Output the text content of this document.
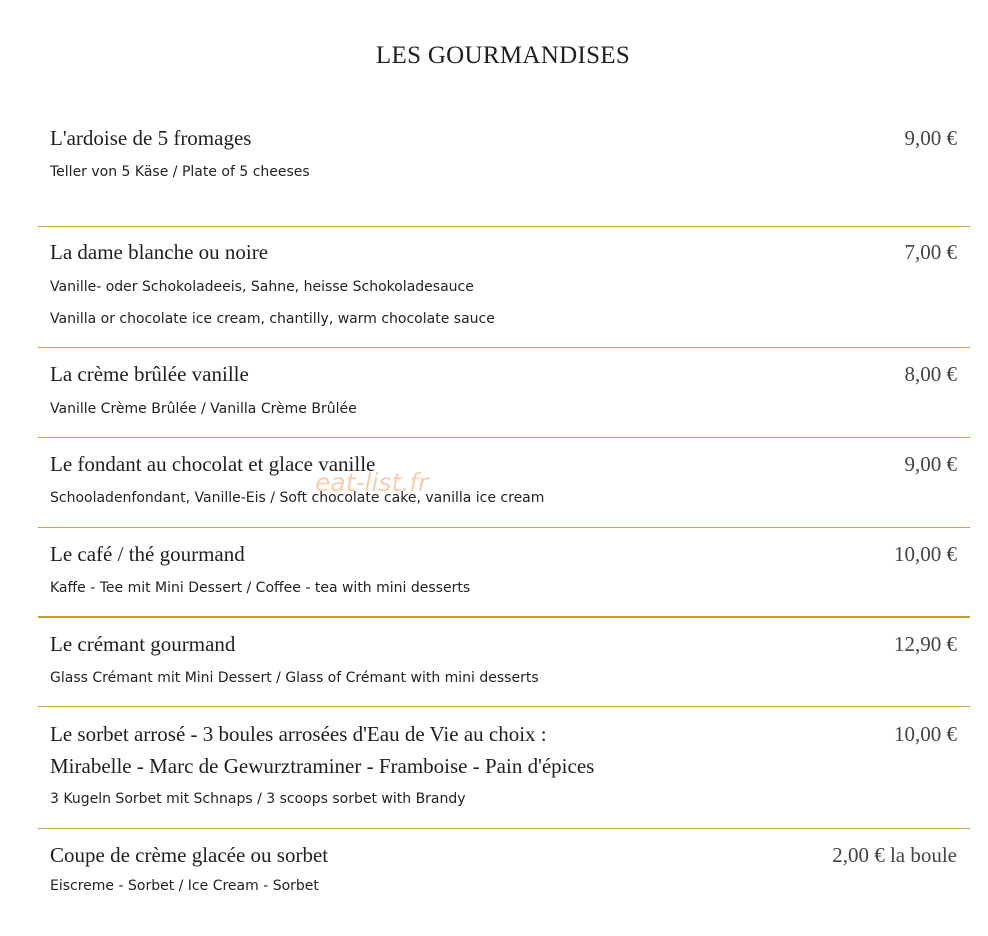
LES GOURMANDISES
L'ardoise de 5 fromages	9,00 €
Teller von 5 Käse / Plate of 5 cheeses
La dame blanche ou noire	7,00 €
Vanille- oder Schokoladeeis, Sahne, heisse Schokoladesauce
Vanilla or chocolate ice cream, chantilly, warm chocolate sauce
La crème brûlée vanille	8,00 €
Vanille Crème Brûlée / Vanilla Crème Brûlée
Le fondant au chocolat et glace vanille	9,00 €
Schooladenfondant, Vanille-Eis / Soft chocolate cake, vanilla ice cream
Le café / thé gourmand	10,00 €
Kaffe - Tee mit Mini Dessert / Coffee - tea with mini desserts
Le crémant gourmand	12,90 €
Glass Crémant mit Mini Dessert / Glass of Crémant with mini desserts
Le sorbet arrosé - 3 boules arrosées d'Eau de Vie au choix :
Mirabelle - Marc de Gewurztraminer - Framboise - Pain d'épices
10,00 €
3 Kugeln Sorbet mit Schnaps / 3 scoops sorbet with Brandy
Coupe de crème glacée ou sorbet	2,00 € la boule
Eiscreme - Sorbet / Ice Cream - Sorbet
eat-list.fr
